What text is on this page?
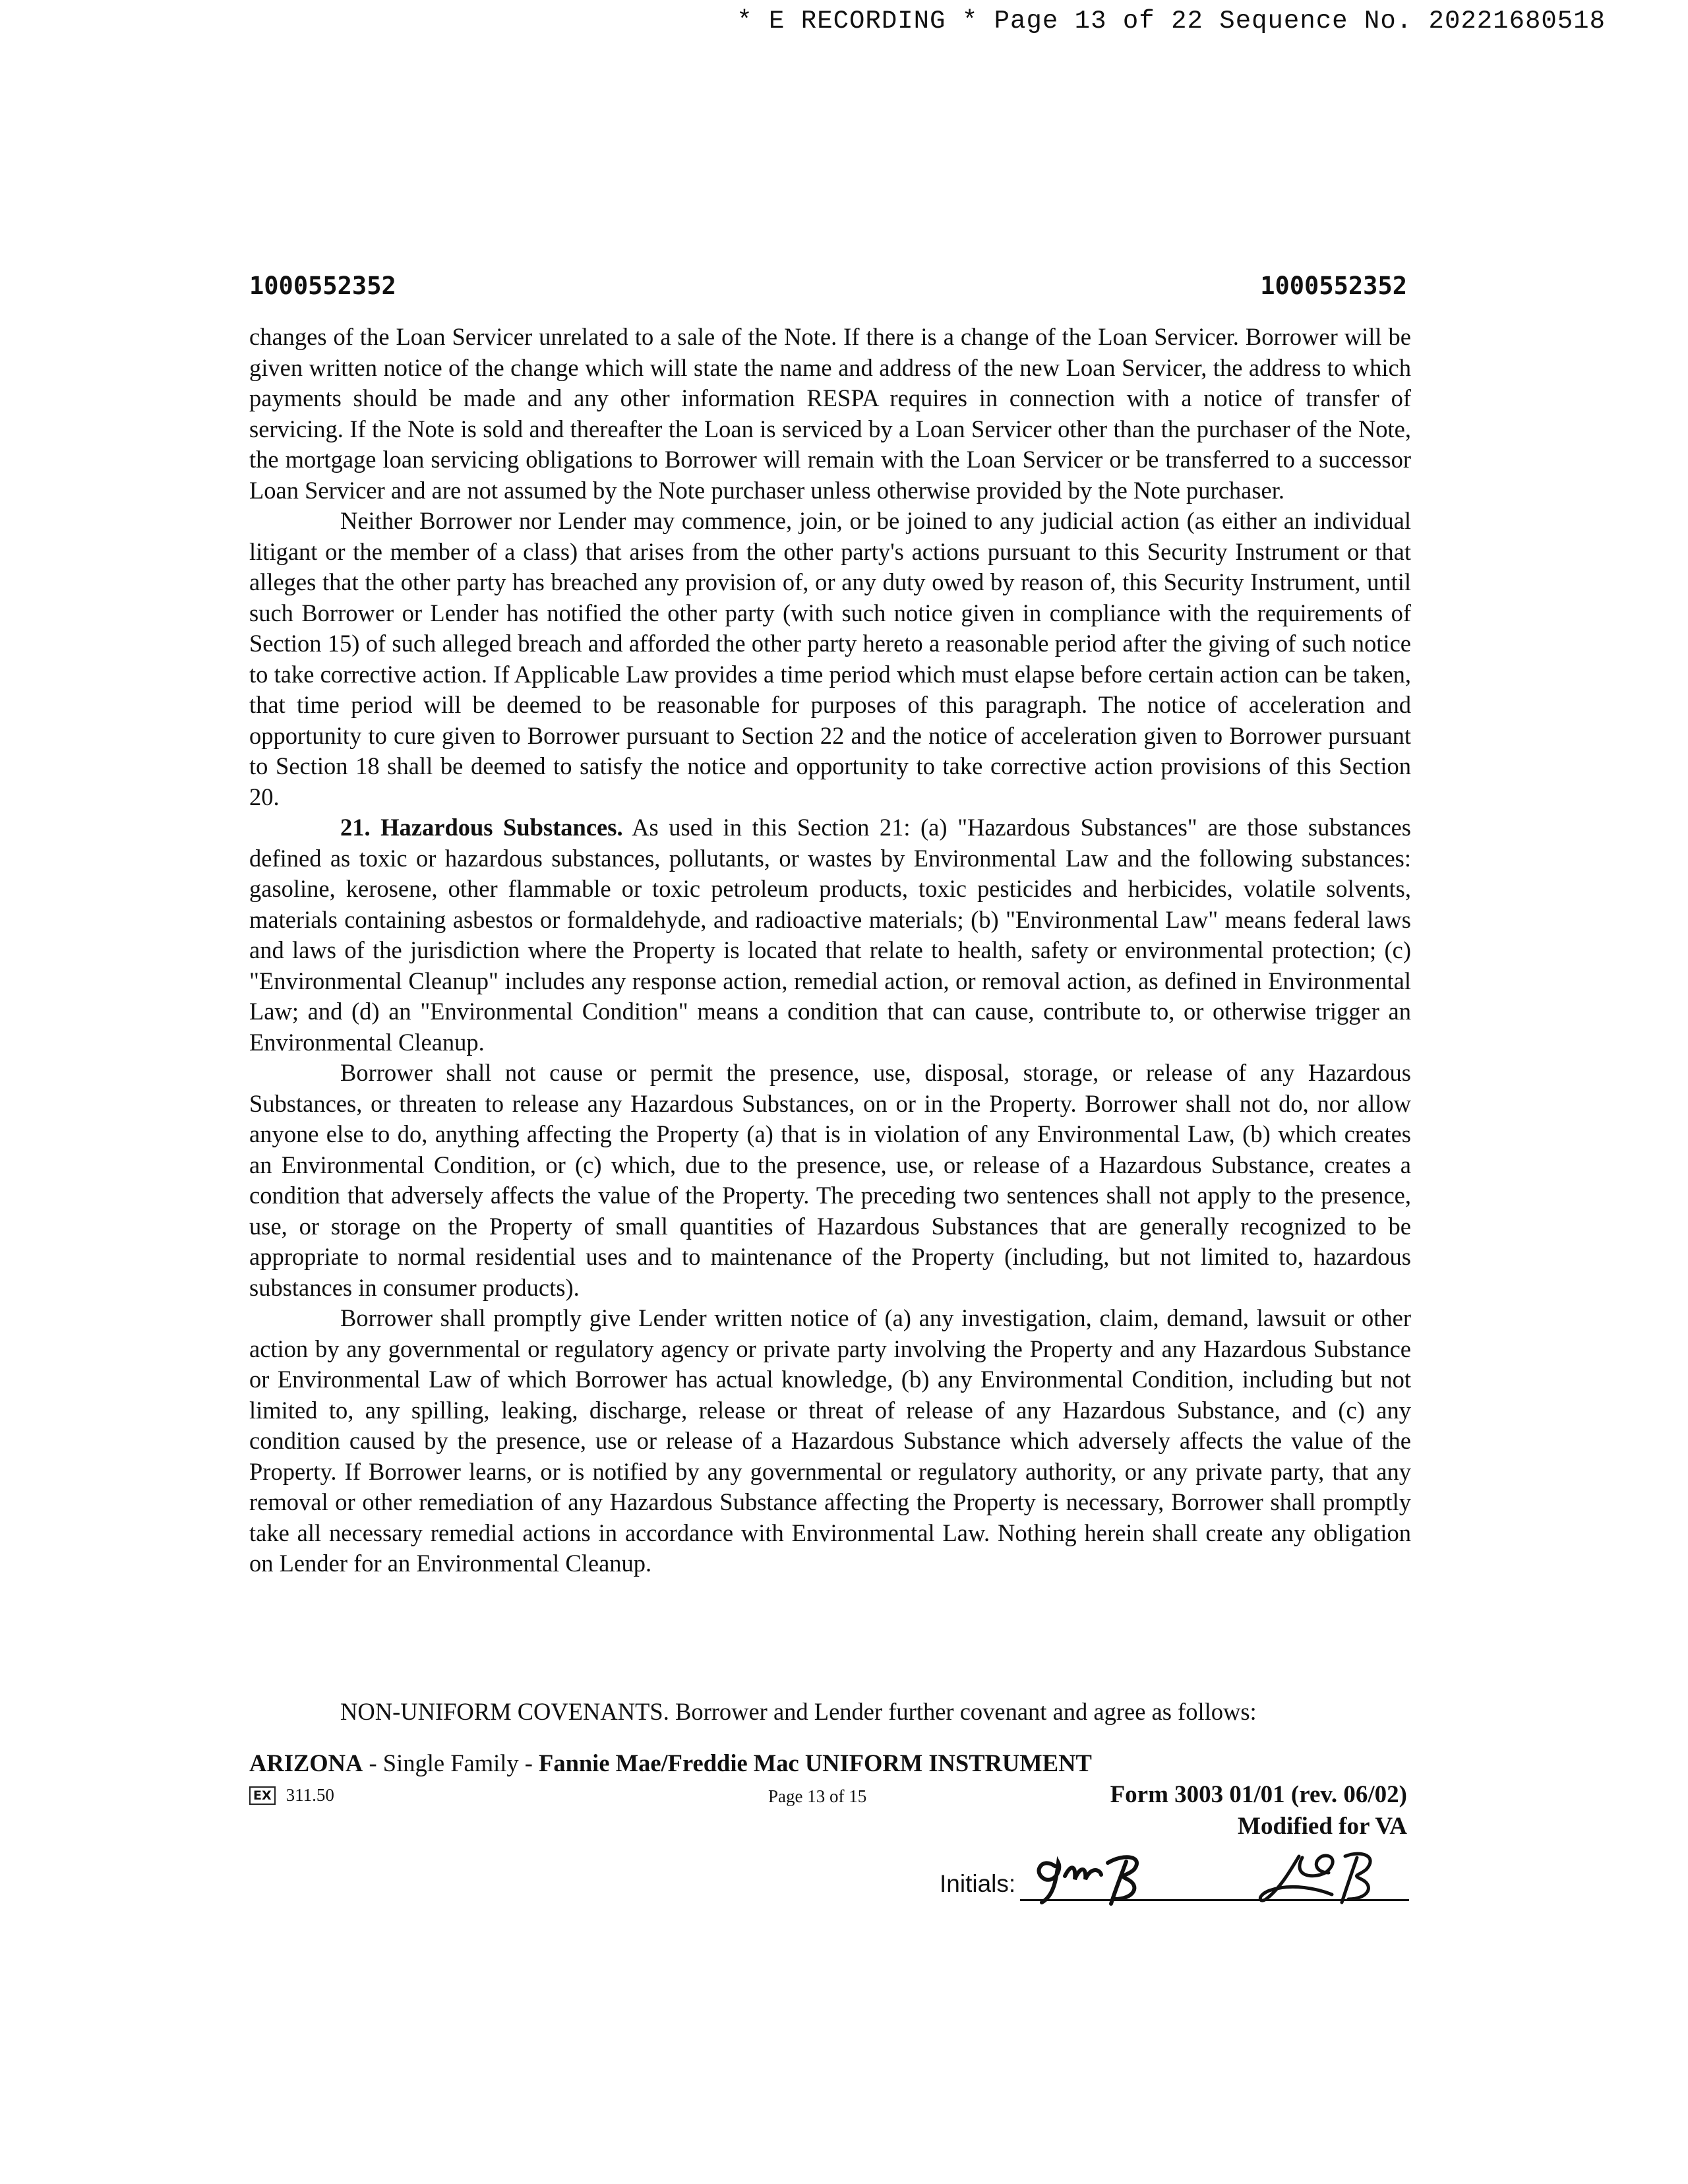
* E RECORDING * Page 13 of 22 Sequence No. 20221680518
1000552352	1000552352

changes of the Loan Servicer unrelated to a sale of the Note. If there is a change of the Loan Servicer. Borrower will be given written notice of the change which will state the name and address of the new Loan Servicer, the address to which payments should be made and any other information RESPA requires in connection with a notice of transfer of servicing. If the Note is sold and thereafter the Loan is serviced by a Loan Servicer other than the purchaser of the Note, the mortgage loan servicing obligations to Borrower will remain with the Loan Servicer or be transferred to a successor Loan Servicer and are not assumed by the Note purchaser unless otherwise provided by the Note purchaser.

Neither Borrower nor Lender may commence, join, or be joined to any judicial action (as either an individual litigant or the member of a class) that arises from the other party's actions pursuant to this Security Instrument or that alleges that the other party has breached any provision of, or any duty owed by reason of, this Security Instrument, until such Borrower or Lender has notified the other party (with such notice given in compliance with the requirements of Section 15) of such alleged breach and afforded the other party hereto a reasonable period after the giving of such notice to take corrective action. If Applicable Law provides a time period which must elapse before certain action can be taken, that time period will be deemed to be reasonable for purposes of this paragraph. The notice of acceleration and opportunity to cure given to Borrower pursuant to Section 22 and the notice of acceleration given to Borrower pursuant to Section 18 shall be deemed to satisfy the notice and opportunity to take corrective action provisions of this Section 20.

21. Hazardous Substances. As used in this Section 21: (a) "Hazardous Substances" are those substances defined as toxic or hazardous substances, pollutants, or wastes by Environmental Law and the following substances: gasoline, kerosene, other flammable or toxic petroleum products, toxic pesticides and herbicides, volatile solvents, materials containing asbestos or formaldehyde, and radioactive materials; (b) "Environmental Law" means federal laws and laws of the jurisdiction where the Property is located that relate to health, safety or environmental protection; (c) "Environmental Cleanup" includes any response action, remedial action, or removal action, as defined in Environmental Law; and (d) an "Environmental Condition" means a condition that can cause, contribute to, or otherwise trigger an Environmental Cleanup.

Borrower shall not cause or permit the presence, use, disposal, storage, or release of any Hazardous Substances, or threaten to release any Hazardous Substances, on or in the Property. Borrower shall not do, nor allow anyone else to do, anything affecting the Property (a) that is in violation of any Environmental Law, (b) which creates an Environmental Condition, or (c) which, due to the presence, use, or release of a Hazardous Substance, creates a condition that adversely affects the value of the Property. The preceding two sentences shall not apply to the presence, use, or storage on the Property of small quantities of Hazardous Substances that are generally recognized to be appropriate to normal residential uses and to maintenance of the Property (including, but not limited to, hazardous substances in consumer products).

Borrower shall promptly give Lender written notice of (a) any investigation, claim, demand, lawsuit or other action by any governmental or regulatory agency or private party involving the Property and any Hazardous Substance or Environmental Law of which Borrower has actual knowledge, (b) any Environmental Condition, including but not limited to, any spilling, leaking, discharge, release or threat of release of any Hazardous Substance, and (c) any condition caused by the presence, use or release of a Hazardous Substance which adversely affects the value of the Property. If Borrower learns, or is notified by any governmental or regulatory authority, or any private party, that any removal or other remediation of any Hazardous Substance affecting the Property is necessary, Borrower shall promptly take all necessary remedial actions in accordance with Environmental Law. Nothing herein shall create any obligation on Lender for an Environmental Cleanup.

NON-UNIFORM COVENANTS. Borrower and Lender further covenant and agree as follows:
ARIZONA - Single Family - Fannie Mae/Freddie Mac UNIFORM INSTRUMENT
EX 311.50	Page 13 of 15	Form 3003 01/01 (rev. 06/02)
Modified for VA
Initials:
